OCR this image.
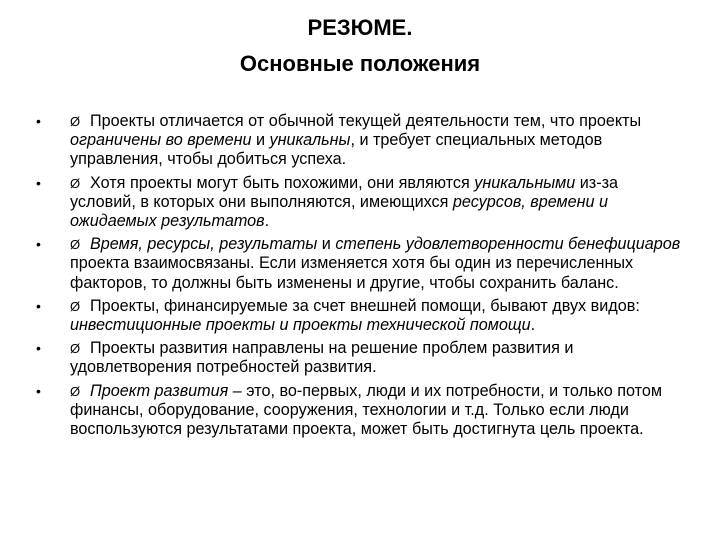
РЕЗЮМЕ.
Основные положения
•	Ø Проекты отличается от обычной текущей деятельности тем, что проекты ограничены во времени и уникальны, и требует специальных методов управления, чтобы добиться успеха.
•	Ø Хотя проекты могут быть похожими, они являются уникальными из-за условий, в которых они выполняются, имеющихся ресурсов, времени и ожидаемых результатов.
•	Ø Время, ресурсы, результаты и степень удовлетворенности бенефициаров проекта взаимосвязаны. Если изменяется хотя бы один из перечисленных факторов, то должны быть изменены и другие, чтобы сохранить баланс.
•	Ø Проекты, финансируемые за счет внешней помощи, бывают двух видов: инвестиционные проекты и проекты технической помощи.
•	Ø Проекты развития направлены на решение проблем развития и удовлетворения потребностей развития.
•	Ø Проект развития – это, во-первых, люди и их потребности, и только потом финансы, оборудование, сооружения, технологии и т.д. Только если люди воспользуются результатами проекта, может быть достигнута цель проекта.
